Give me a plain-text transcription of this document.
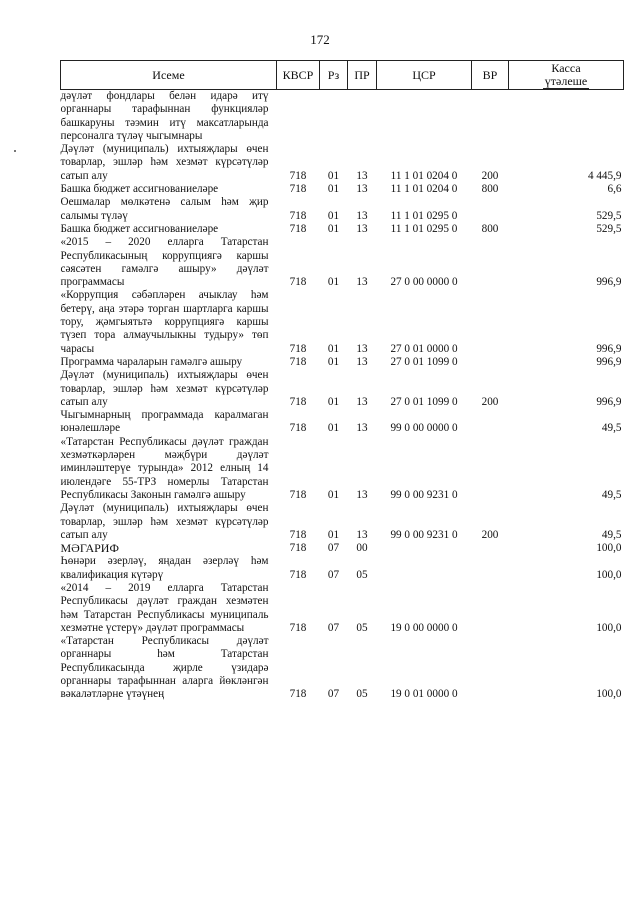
172
Исеме	КВСР	Рз	ПР	ЦСР	ВР	Касса
үтәлеше
дәүләт фондлары белән идарә итү органнары тарафыннан функцияләр башкаруны тәэмин итү максатларында персоналга түләү чыгымнары						
Дәүләт (муниципаль) ихтыяҗлары өчен товарлар, эшләр һәм хезмәт күрсәтүләр сатып алу	718	01	13	11 1 01 0204 0	200	4 445,9
Башка бюджет ассигнованиеләре	718	01	13	11 1 01 0204 0	800	6,6
Оешмалар мөлкәтенә салым һәм җир салымы түләү	718	01	13	11 1 01 0295 0		529,5
Башка бюджет ассигнованиеләре	718	01	13	11 1 01 0295 0	800	529,5
«2015 – 2020 елларга Татарстан Республикасының коррупциягә каршы сәясәтен гамәлгә ашыру» дәүләт программасы	718	01	13	27 0 00 0000 0		996,9
«Коррупция сәбәпләрен ачыклау һәм бетерү, аңа этәрә торган шартларга каршы тору, җәмгыятьтә коррупциягә каршы түзеп тора алмаучылыкны тудыру» төп чарасы	718	01	13	27 0 01 0000 0		996,9
Программа чараларын гамәлгә ашыру	718	01	13	27 0 01 1099 0		996,9
Дәүләт (муниципаль) ихтыяҗлары өчен товарлар, эшләр һәм хезмәт күрсәтүләр сатып алу	718	01	13	27 0 01 1099 0	200	996,9
Чыгымнарның программада каралмаган юнәлешләре	718	01	13	99 0 00 0000 0		49,5
«Татарстан Республикасы дәүләт граждан хезмәткәрләрен мәҗбүри дәүләт иминләштерүе турында» 2012 елның 14 июлендәге 55-ТРЗ номерлы Татарстан Республикасы Законын гамәлгә ашыру	718	01	13	99 0 00 9231 0		49,5
Дәүләт (муниципаль) ихтыяҗлары өчен товарлар, эшләр һәм хезмәт күрсәтүләр сатып алу	718	01	13	99 0 00 9231 0	200	49,5
МӘГАРИФ	718	07	00			100,0
Һөнәри әзерләү, яңадан әзерләү һәм квалификация күтәрү	718	07	05			100,0
«2014 – 2019 елларга Татарстан Республикасы дәүләт граждан хезмәтен һәм Татарстан Республикасы муниципаль хезмәтне үстерү» дәүләт программасы	718	07	05	19 0 00 0000 0		100,0
«Татарстан Республикасы дәүләт органнары һәм Татарстан Республикасында җирле үзидарә органнары тарафыннан аларга йөкләнгән вәкаләтләрне үтәүнең	718	07	05	19 0 01 0000 0		100,0
